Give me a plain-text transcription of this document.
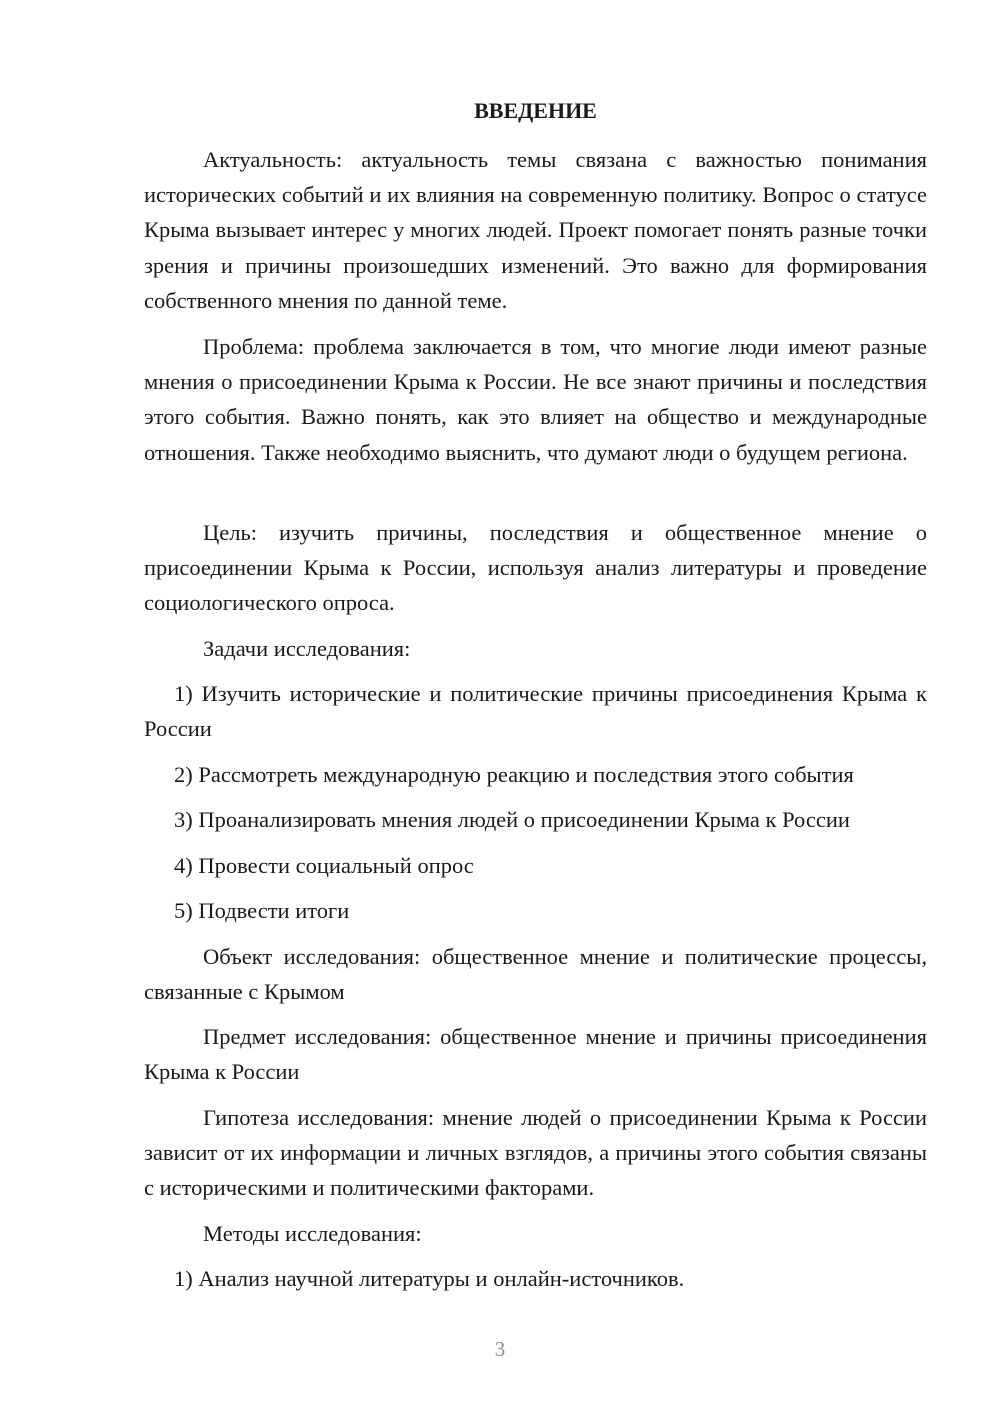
ВВЕДЕНИЕ

Актуальность: актуальность темы связана с важностью понимания исторических событий и их влияния на современную политику. Вопрос о статусе Крыма вызывает интерес у многих людей. Проект помогает понять разные точки зрения и причины произошедших изменений. Это важно для формирования собственного мнения по данной теме.

Проблема: проблема заключается в том, что многие люди имеют разные мнения о присоединении Крыма к России. Не все знают причины и последствия этого события. Важно понять, как это влияет на общество и международные отношения. Также необходимо выяснить, что думают люди о будущем региона.

Цель: изучить причины, последствия и общественное мнение о присоединении Крыма к России, используя анализ литературы и проведение социологического опроса.

Задачи исследования:

1) Изучить исторические и политические причины присоединения Крыма к России

2) Рассмотреть международную реакцию и последствия этого события

3) Проанализировать мнения людей о присоединении Крыма к России

4) Провести социальный опрос

5) Подвести итоги

Объект исследования: общественное мнение и политические процессы, связанные с Крымом

Предмет исследования: общественное мнение и причины присоединения Крыма к России

Гипотеза исследования: мнение людей о присоединении Крыма к России зависит от их информации и личных взглядов, а причины этого события связаны с историческими и политическими факторами.

Методы исследования:

1) Анализ научной литературы и онлайн-источников.

3
